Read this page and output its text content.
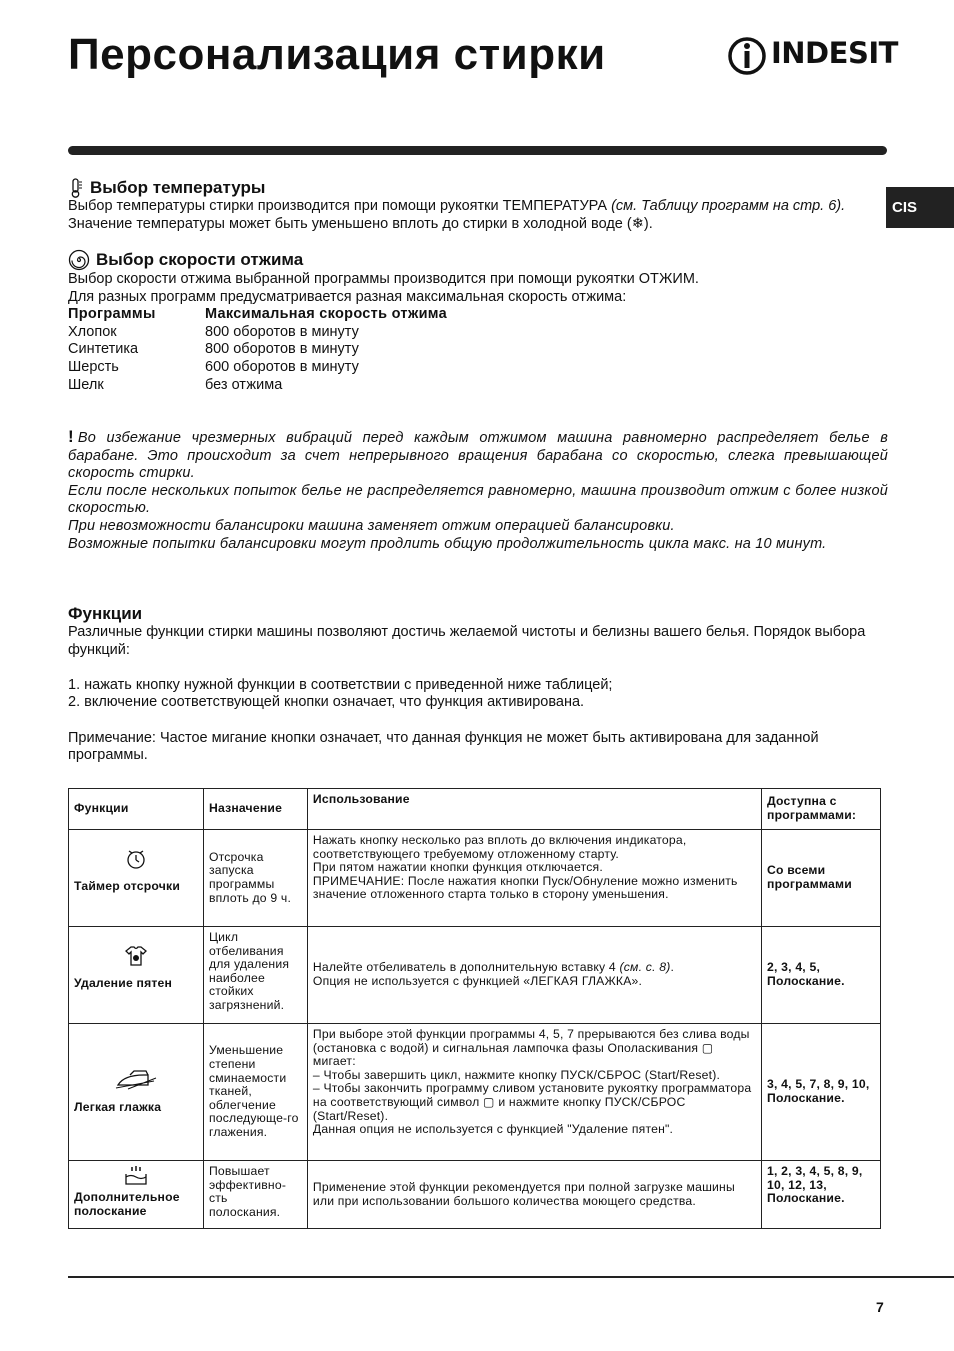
Персонализация стирки	INDESIT
CIS
Выбор температуры

Выбор температуры стирки производится при помощи рукоятки ТЕМПЕРАТУРА (см. Таблицу программ на стр. 6).

Значение температуры может быть уменьшено вплоть до стирки в холодной воде (❄).

Выбор скорости отжима

Выбор скорости отжима выбранной программы производится при помощи рукоятки ОТЖИМ.

Для разных программ предусматривается разная максимальная скорость отжима:

Программы	Максимальная скорость отжима
Хлопок	800 оборотов в минуту
Синтетика	800 оборотов в минуту
Шерсть	600 оборотов в минуту
Шелк	без отжима

! Во избежание чрезмерных вибраций перед каждым отжимом машина равномерно распределяет белье в барабане. Это происходит за счет непрерывного вращения барабана со скоростью, слегка превышающей скорость стирки.

Если после нескольких попыток белье не распределяется равномерно, машина производит отжим с более низкой скоростью.

При невозможности балансироки машина заменяет отжим операцией балансировки.

Возможные попытки балансировки могут продлить общую продолжительность цикла макс. на 10 минут.

Функции

Различные функции стирки машины позволяют достичь желаемой чистоты и белизны вашего белья. Порядок выбора функций:

1. нажать кнопку нужной функции в соответствии с приведенной ниже таблицей;

2. включение соответствующей кнопки означает, что функция активирована.

Примечание: Частое мигание кнопки означает, что данная функция не может быть активирована для заданной программы.

Функции	Назначение	Использование	Доступна с программами:

Таймер отсрочки	Отсрочка запуска программы вплоть до 9 ч.	Нажать кнопку несколько раз вплоть до включения индикатора, соответствующего требуемому отложенному старту.
При пятом нажатии кнопки функция отключается.
ПРИМЕЧАНИЕ: После нажатия кнопки Пуск/Обнуление можно изменить значение отложенного старта только в сторону уменьшения.	Со всеми программами

Удаление пятен	Цикл отбеливания для удаления наиболее стойких загрязнений.	Налейте отбеливатель в дополнительную вставку 4 (см. с. 8).
Опция не используется с функцией «ЛЕГКАЯ ГЛАЖКА».	2, 3, 4, 5, Полоскание.

Легкая глажка	Уменьшение степени сминаемости тканей, облегчение последующе-го глажения.	При выборе этой функции программы 4, 5, 7 прерываются без слива воды (остановка с водой) и сигнальная лампочка фазы Ополаскивания ▢ мигает:
– Чтобы завершить цикл, нажмите кнопку ПУСК/СБРОС (Start/Reset).
– Чтобы закончить программу сливом установите рукоятку программатора на соответствующий символ ▢ и нажмите кнопку ПУСК/СБРОС (Start/Reset).
Данная опция не используется с функцией "Удаление пятен".	3, 4, 5, 7, 8, 9, 10, Полоскание.

Дополнительное полоскание	Повышает эффективно-сть полоскания.	Применение этой функции рекомендуется при полной загрузке машины или при использовании большого количества моющего средства.	1, 2, 3, 4, 5, 8, 9, 10, 12, 13, Полоскание.
7
